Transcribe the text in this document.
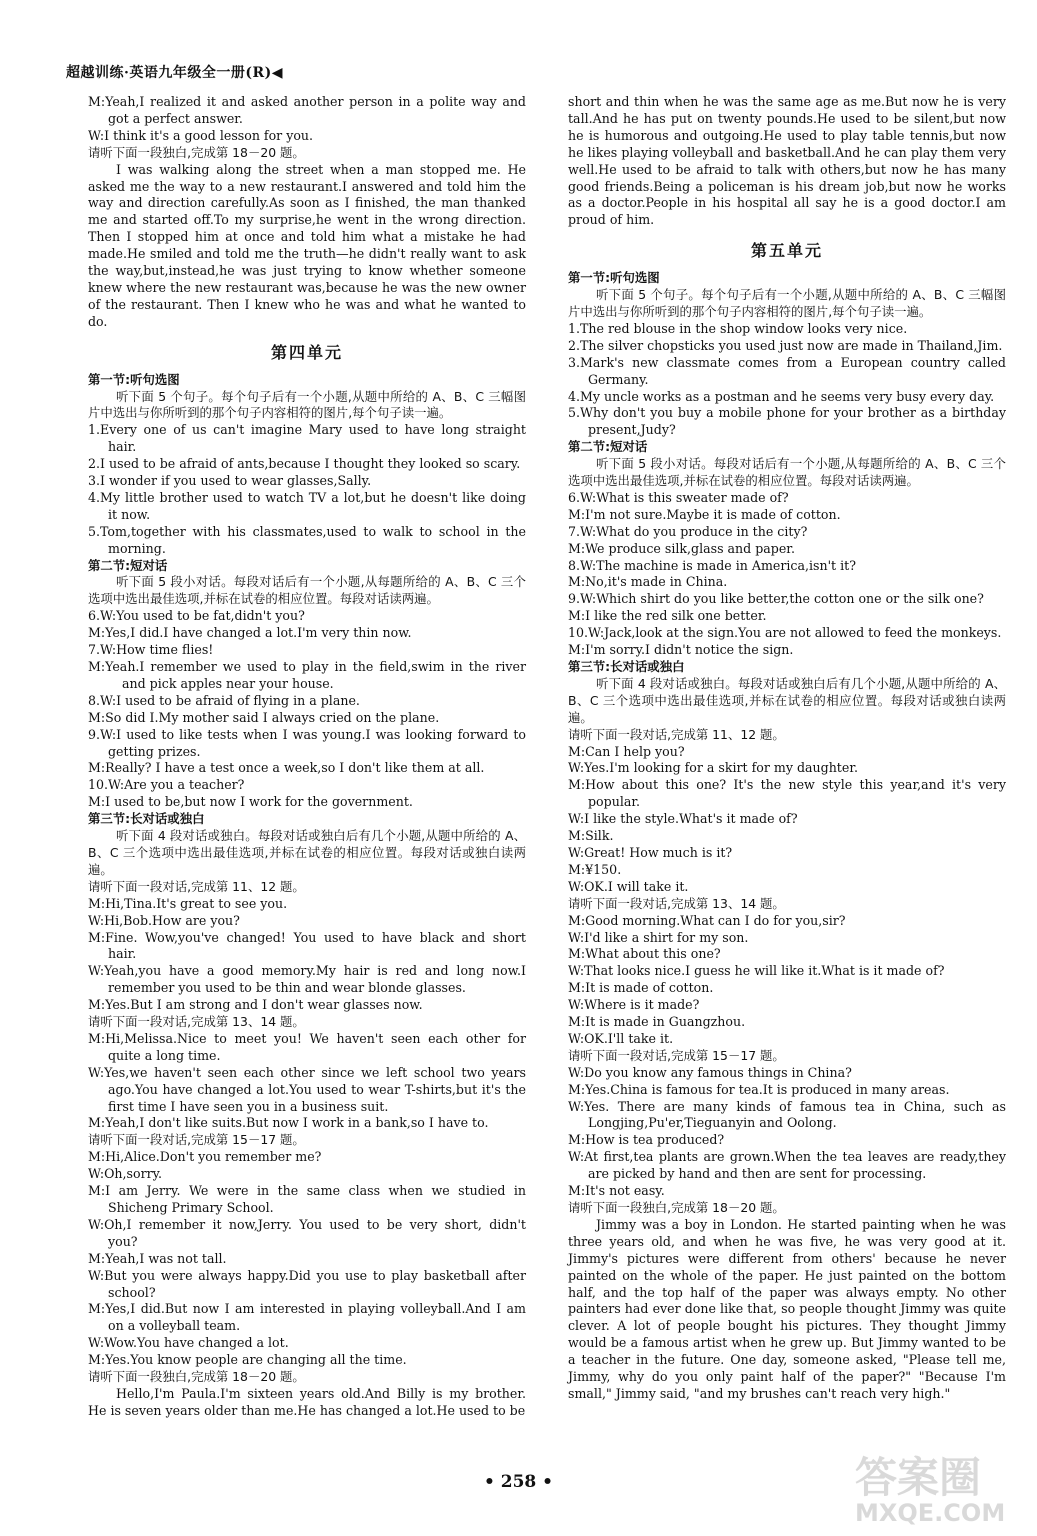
超越训练·英语九年级全一册(R)◀

M:Yeah,I realized it and asked another person in a polite way and got a perfect answer.

W:I think it's a good lesson for you.

请听下面一段独白,完成第 18－20 题。

I was walking along the street when a man stopped me. He asked me the way to a new restaurant.I answered and told him the way and direction carefully.As soon as I finished, the man thanked me and started off.To my surprise,he went in the wrong direction. Then I stopped him at once and told him what a mistake he had made.He smiled and told me the truth—he didn't really want to ask the way,but,instead,he was just trying to know whether someone knew where the new restaurant was,because he was the new owner of the restaurant. Then I knew who he was and what he wanted to do.

第四单元

第一节:听句选图

听下面 5 个句子。每个句子后有一个小题,从题中所给的 A、B、C 三幅图片中选出与你所听到的那个句子内容相符的图片,每个句子读一遍。

1.Every one of us can't imagine Mary used to have long straight hair.

2.I used to be afraid of ants,because I thought they looked so scary.

3.I wonder if you used to wear glasses,Sally.

4.My little brother used to watch TV a lot,but he doesn't like doing it now.

5.Tom,together with his classmates,used to walk to school in the morning.

第二节:短对话

听下面 5 段小对话。每段对话后有一个小题,从每题所给的 A、B、C 三个选项中选出最佳选项,并标在试卷的相应位置。每段对话读两遍。

6.W:You used to be fat,didn't you?

M:Yes,I did.I have changed a lot.I'm very thin now.

7.W:How time flies!

M:Yeah.I remember we used to play in the field,swim in the river and pick apples near your house.

8.W:I used to be afraid of flying in a plane.

M:So did I.My mother said I always cried on the plane.

9.W:I used to like tests when I was young.I was looking forward to getting prizes.

M:Really? I have a test once a week,so I don't like them at all.

10.W:Are you a teacher?

M:I used to be,but now I work for the government.

第三节:长对话或独白

听下面 4 段对话或独白。每段对话或独白后有几个小题,从题中所给的 A、B、C 三个选项中选出最佳选项,并标在试卷的相应位置。每段对话或独白读两遍。

请听下面一段对话,完成第 11、12 题。

M:Hi,Tina.It's great to see you.

W:Hi,Bob.How are you?

M:Fine. Wow,you've changed! You used to have black and short hair.

W:Yeah,you have a good memory.My hair is red and long now.I remember you used to be thin and wear blonde glasses.

M:Yes.But I am strong and I don't wear glasses now.

请听下面一段对话,完成第 13、14 题。

M:Hi,Melissa.Nice to meet you! We haven't seen each other for quite a long time.

W:Yes,we haven't seen each other since we left school two years ago.You have changed a lot.You used to wear T-shirts,but it's the first time I have seen you in a business suit.

M:Yeah,I don't like suits.But now I work in a bank,so I have to.

请听下面一段对话,完成第 15－17 题。

M:Hi,Alice.Don't you remember me?

W:Oh,sorry.

M:I am Jerry. We were in the same class when we studied in Shicheng Primary School.

W:Oh,I remember it now,Jerry. You used to be very short, didn't you?

M:Yeah,I was not tall.

W:But you were always happy.Did you use to play basketball after school?

M:Yes,I did.But now I am interested in playing volleyball.And I am on a volleyball team.

W:Wow.You have changed a lot.

M:Yes.You know people are changing all the time.

请听下面一段独白,完成第 18－20 题。

Hello,I'm Paula.I'm sixteen years old.And Billy is my brother. He is seven years older than me.He has changed a lot.He used to be

short and thin when he was the same age as me.But now he is very tall.And he has put on twenty pounds.He used to be silent,but now he is humorous and outgoing.He used to play table tennis,but now he likes playing volleyball and basketball.And he can play them very well.He used to be afraid to talk with others,but now he has many good friends.Being a policeman is his dream job,but now he works as a doctor.People in his hospital all say he is a good doctor.I am proud of him.

第五单元

第一节:听句选图

听下面 5 个句子。每个句子后有一个小题,从题中所给的 A、B、C 三幅图片中选出与你所听到的那个句子内容相符的图片,每个句子读一遍。

1.The red blouse in the shop window looks very nice.

2.The silver chopsticks you used just now are made in Thailand,Jim.

3.Mark's new classmate comes from a European country called Germany.

4.My uncle works as a postman and he seems very busy every day.

5.Why don't you buy a mobile phone for your brother as a birthday present,Judy?

第二节:短对话

听下面 5 段小对话。每段对话后有一个小题,从每题所给的 A、B、C 三个选项中选出最佳选项,并标在试卷的相应位置。每段对话读两遍。

6.W:What is this sweater made of?

M:I'm not sure.Maybe it is made of cotton.

7.W:What do you produce in the city?

M:We produce silk,glass and paper.

8.W:The machine is made in America,isn't it?

M:No,it's made in China.

9.W:Which shirt do you like better,the cotton one or the silk one?

M:I like the red silk one better.

10.W:Jack,look at the sign.You are not allowed to feed the monkeys.

M:I'm sorry.I didn't notice the sign.

第三节:长对话或独白

听下面 4 段对话或独白。每段对话或独白后有几个小题,从题中所给的 A、B、C 三个选项中选出最佳选项,并标在试卷的相应位置。每段对话或独白读两遍。

请听下面一段对话,完成第 11、12 题。

M:Can I help you?

W:Yes.I'm looking for a skirt for my daughter.

M:How about this one? It's the new style this year,and it's very popular.

W:I like the style.What's it made of?

M:Silk.

W:Great! How much is it?

M:¥150.

W:OK.I will take it.

请听下面一段对话,完成第 13、14 题。

M:Good morning.What can I do for you,sir?

W:I'd like a shirt for my son.

M:What about this one?

W:That looks nice.I guess he will like it.What is it made of?

M:It is made of cotton.

W:Where is it made?

M:It is made in Guangzhou.

W:OK.I'll take it.

请听下面一段对话,完成第 15－17 题。

W:Do you know any famous things in China?

M:Yes.China is famous for tea.It is produced in many areas.

W:Yes. There are many kinds of famous tea in China, such as Longjing,Pu'er,Tieguanyin and Oolong.

M:How is tea produced?

W:At first,tea plants are grown.When the tea leaves are ready,they are picked by hand and then are sent for processing.

M:It's not easy.

请听下面一段独白,完成第 18－20 题。

Jimmy was a boy in London. He started painting when he was three years old, and when he was five, he was very good at it. Jimmy's pictures were different from others' because he never painted on the whole of the paper. He just painted on the bottom half, and the top half of the paper was always empty. No other painters had ever done like that, so people thought Jimmy was quite clever. A lot of people bought his pictures. They thought Jimmy would be a famous artist when he grew up. But Jimmy wanted to be a teacher in the future. One day, someone asked, "Please tell me, Jimmy, why do you only paint half of the paper?" "Because I'm small," Jimmy said, "and my brushes can't reach very high."

• 258 •	答案圈
MXQE.COM
